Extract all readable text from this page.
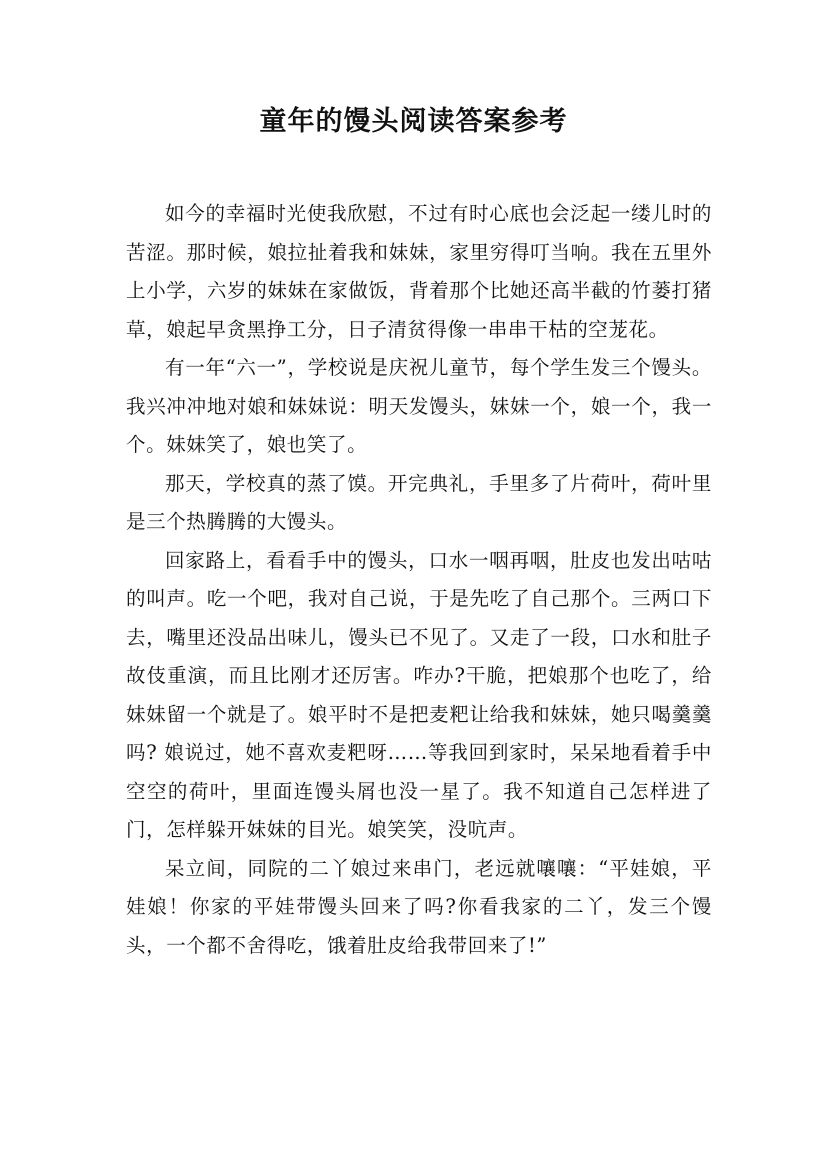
童年的馒头阅读答案参考

如今的幸福时光使我欣慰，不过有时心底也会泛起一缕儿时的苦涩。那时候，娘拉扯着我和妹妹，家里穷得叮当响。我在五里外上小学，六岁的妹妹在家做饭，背着那个比她还高半截的竹蒌打猪草，娘起早贪黑挣工分，日子清贫得像一串串干枯的空茏花。

有一年“六一”，学校说是庆祝儿童节，每个学生发三个馒头。我兴冲冲地对娘和妹妹说：明天发馒头，妹妹一个，娘一个，我一个。妹妹笑了，娘也笑了。

那天，学校真的蒸了馍。开完典礼，手里多了片荷叶，荷叶里是三个热腾腾的大馒头。

回家路上，看看手中的馒头，口水一咽再咽，肚皮也发出咕咕的叫声。吃一个吧，我对自己说，于是先吃了自己那个。三两口下去，嘴里还没品出味儿，馒头已不见了。又走了一段，口水和肚子故伎重演，而且比刚才还厉害。咋办?干脆，把娘那个也吃了，给妹妹留一个就是了。娘平时不是把麦粑让给我和妹妹，她只喝羹羹吗? 娘说过，她不喜欢麦粑呀……等我回到家时，呆呆地看着手中空空的荷叶，里面连馒头屑也没一星了。我不知道自己怎样进了门，怎样躲开妹妹的目光。娘笑笑，没吭声。

呆立间，同院的二丫娘过来串门，老远就嚷嚷：“平娃娘，平娃娘！你家的平娃带馒头回来了吗?你看我家的二丫，发三个馒头，一个都不舍得吃，饿着肚皮给我带回来了!”
